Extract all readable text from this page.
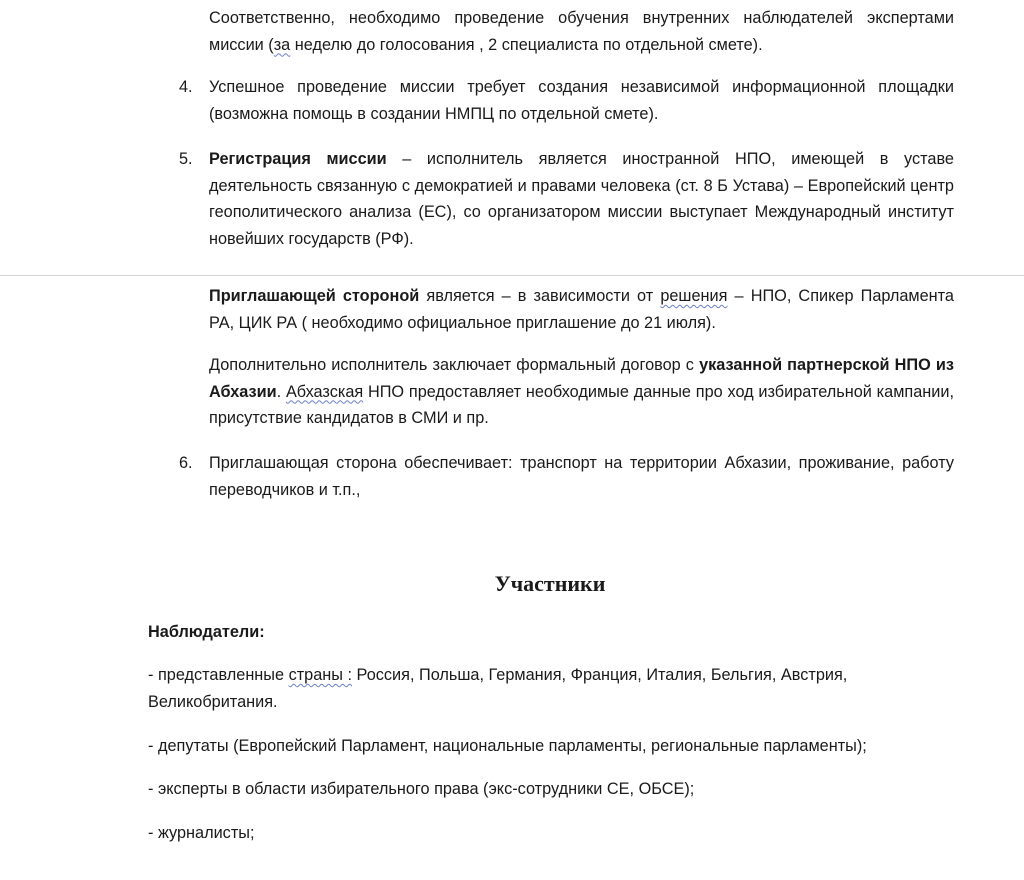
Соответственно, необходимо проведение обучения внутренних наблюдателей экспертами миссии (за неделю до голосования , 2 специалиста по отдельной смете).

4. Успешное проведение миссии требует создания независимой информационной площадки (возможна помощь в создании НМПЦ по отдельной смете).

5. Регистрация миссии – исполнитель является иностранной НПО, имеющей в уставе деятельность связанную с демократией и правами человека (ст. 8 Б Устава) – Европейский центр геополитического анализа (ЕС), со организатором миссии выступает Международный институт новейших государств (РФ).

Приглашающей стороной является – в зависимости от решения – НПО, Спикер Парламента РА, ЦИК РА ( необходимо официальное приглашение до 21 июля).

Дополнительно исполнитель заключает формальный договор с указанной партнерской НПО из Абхазии. Абхазская НПО предоставляет необходимые данные про ход избирательной кампании, присутствие кандидатов в СМИ и пр.

6. Приглашающая сторона обеспечивает: транспорт на территории Абхазии, проживание, работу переводчиков и т.п.,

Участники

Наблюдатели:

- представленные страны : Россия, Польша, Германия, Франция, Италия, Бельгия, Австрия, Великобритания.

- депутаты (Европейский Парламент, национальные парламенты, региональные парламенты);

- эксперты в области избирательного права (экс-сотрудники СЕ, ОБСЕ);

- журналисты;
